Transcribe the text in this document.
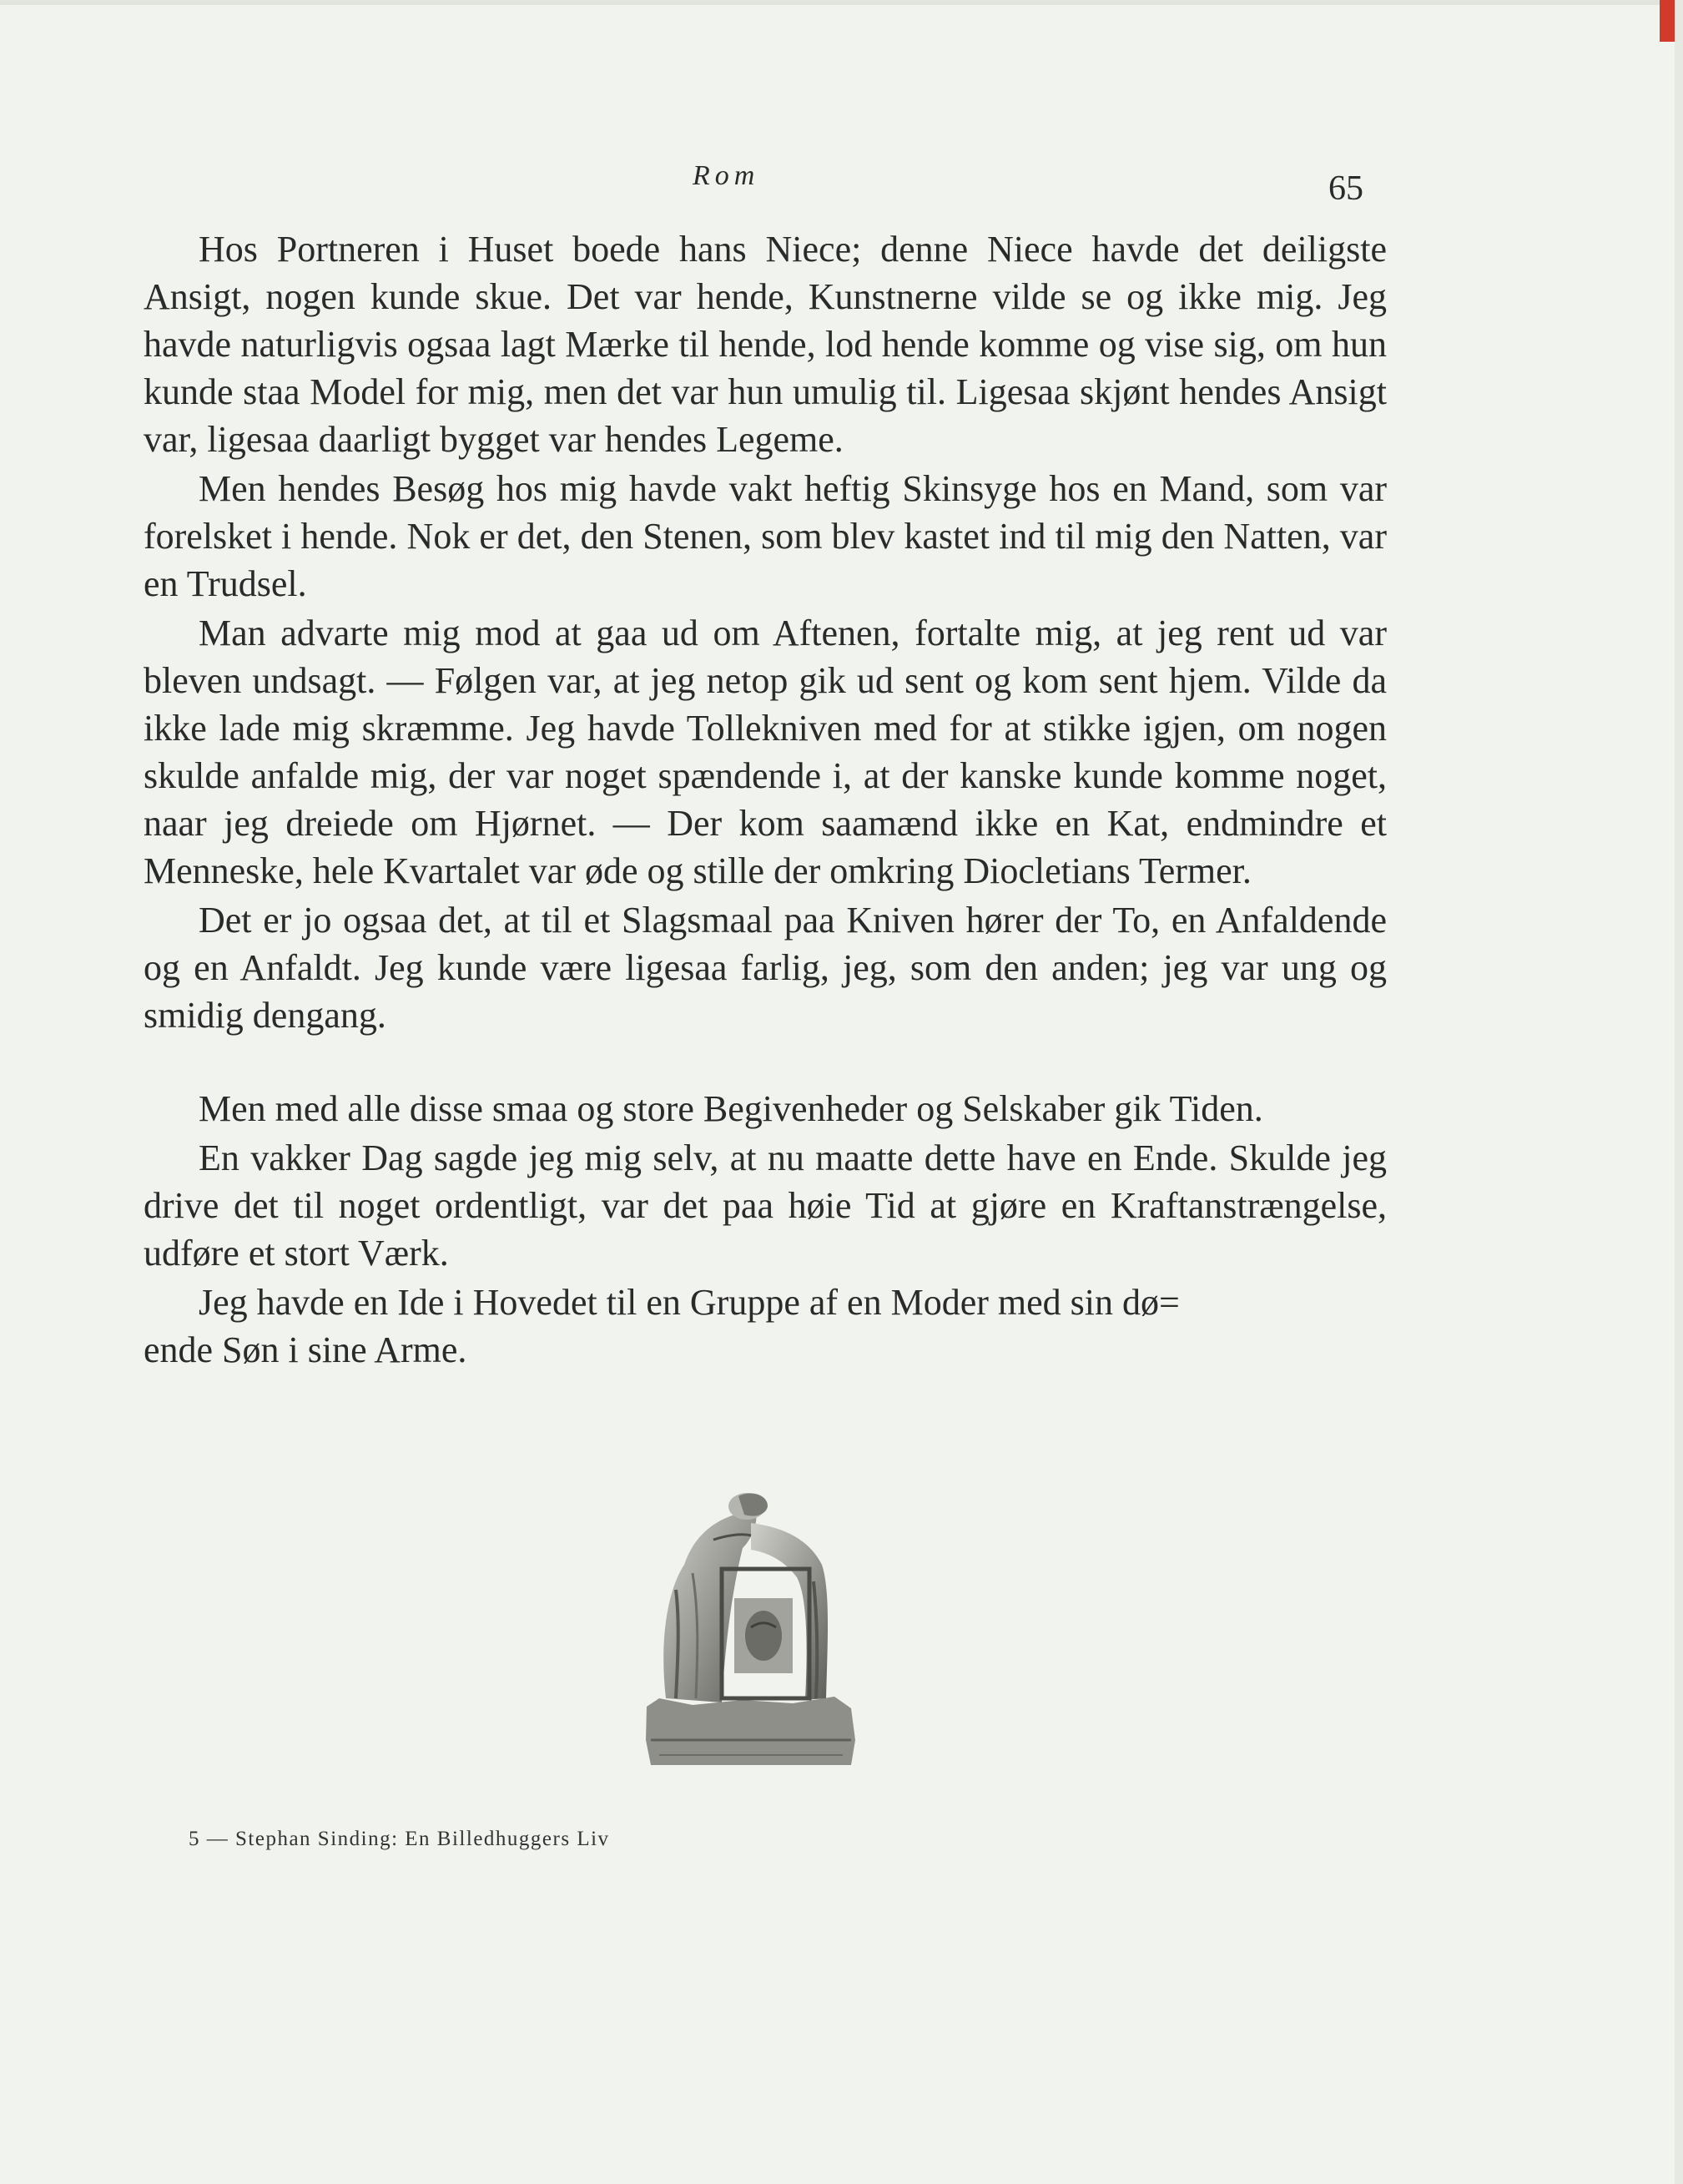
Rom	65

Hos Portneren i Huset boede hans Niece; denne Niece havde det deiligste Ansigt, nogen kunde skue. Det var hende, Kunstnerne vilde se og ikke mig. Jeg havde naturligvis ogsaa lagt Mærke til hende, lod hende komme og vise sig, om hun kunde staa Model for mig, men det var hun umulig til. Ligesaa skjønt hendes Ansigt var, ligesaa daarligt bygget var hendes Legeme.

Men hendes Besøg hos mig havde vakt heftig Skinsyge hos en Mand, som var forelsket i hende. Nok er det, den Stenen, som blev kastet ind til mig den Natten, var en Trudsel.

Man advarte mig mod at gaa ud om Aftenen, fortalte mig, at jeg rent ud var bleven undsagt. — Følgen var, at jeg netop gik ud sent og kom sent hjem. Vilde da ikke lade mig skræmme. Jeg havde Tollekniven med for at stikke igjen, om nogen skulde anfalde mig, der var noget spændende i, at der kanske kunde komme noget, naar jeg dreiede om Hjørnet. — Der kom saamænd ikke en Kat, endmindre et Menneske, hele Kvartalet var øde og stille der omkring Diocletians Termer.

Det er jo ogsaa det, at til et Slagsmaal paa Kniven hører der To, en Anfaldende og en Anfaldt. Jeg kunde være ligesaa farlig, jeg, som den anden; jeg var ung og smidig dengang.

Men med alle disse smaa og store Begivenheder og Selskaber gik Tiden.

En vakker Dag sagde jeg mig selv, at nu maatte dette have en Ende. Skulde jeg drive det til noget ordentligt, var det paa høie Tid at gjøre en Kraftanstrængelse, udføre et stort Værk.

Jeg havde en Ide i Hovedet til en Gruppe af en Moder med sin dø=
ende Søn i sine Arme.

5 — Stephan Sinding: En Billedhuggers Liv
